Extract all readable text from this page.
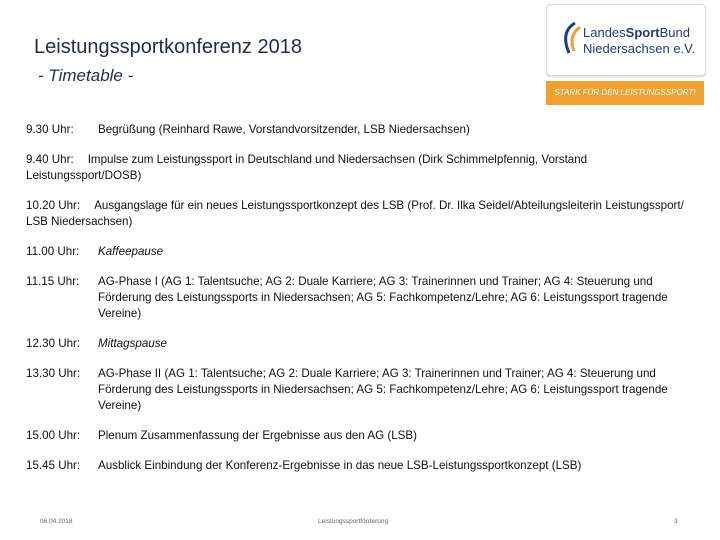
Leistungssportkonferenz 2018
- Timetable -
LandesSportBund
Niedersachsen e.V.
STARK FÜR DEN LEISTUNGSSPORT!
9.30 Uhr:	Begrüßung (Reinhard Rawe, Vorstandvorsitzender, LSB Niedersachsen)
9.40 Uhr: Impulse zum Leistungssport in Deutschland und Niedersachsen (Dirk Schimmelpfennig, Vorstand Leistungssport/DOSB)
10.20 Uhr: Ausgangslage für ein neues Leistungssportkonzept des LSB (Prof. Dr. Ilka Seidel/Abteilungsleiterin Leistungssport/ LSB Niedersachsen)
11.00 Uhr:	Kaffeepause
11.15 Uhr:	AG-Phase I (AG 1: Talentsuche; AG 2: Duale Karriere; AG 3: Trainerinnen und Trainer; AG 4: Steuerung und Förderung des Leistungssports in Niedersachsen; AG 5: Fachkompetenz/Lehre; AG 6: Leistungssport tragende Vereine)
12.30 Uhr:	Mittagspause
13.30 Uhr:	AG-Phase II (AG 1: Talentsuche; AG 2: Duale Karriere; AG 3: Trainerinnen und Trainer; AG 4: Steuerung und Förderung des Leistungssports in Niedersachsen; AG 5: Fachkompetenz/Lehre; AG 6: Leistungssport tragende Vereine)
15.00 Uhr:	Plenum Zusammenfassung der Ergebnisse aus den AG (LSB)
15.45 Uhr:	Ausblick Einbindung der Konferenz-Ergebnisse in das neue LSB-Leistungssportkonzept (LSB)
06.04.2018	Leistungssportförderung	3
